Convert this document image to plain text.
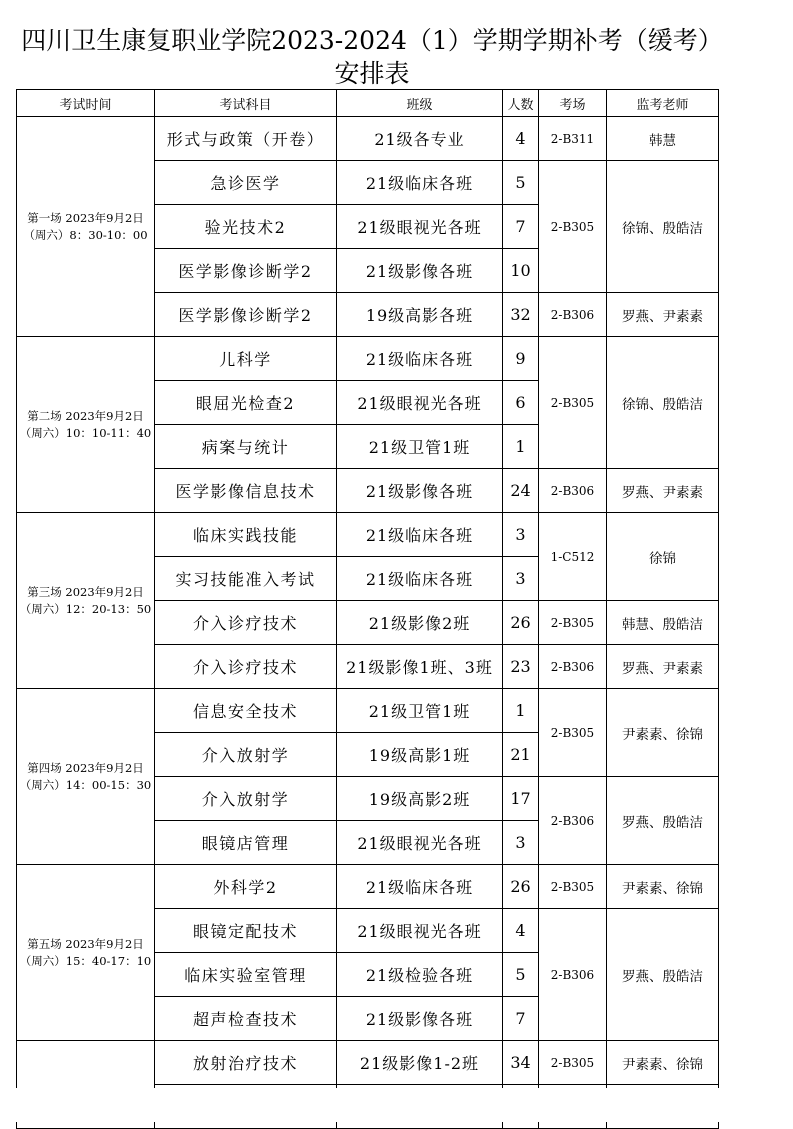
四川卫生康复职业学院2023-2024（1）学期学期补考（缓考）安排表
考试时间	考试科目	班级	人数	考场	监考老师
第一场 2023年9月2日（周六）8：30-10：00	形式与政策（开卷）	21级各专业	4	2-B311	韩慧
	急诊医学	21级临床各班	5	2-B305	徐锦、殷皓洁
	验光技术2	21级眼视光各班	7		
	医学影像诊断学2	21级影像各班	10		
	医学影像诊断学2	19级高影各班	32	2-B306	罗燕、尹素素
第二场 2023年9月2日（周六）10：10-11：40	儿科学	21级临床各班	9	2-B305	徐锦、殷皓洁
	眼屈光检查2	21级眼视光各班	6		
	病案与统计	21级卫管1班	1		
	医学影像信息技术	21级影像各班	24	2-B306	罗燕、尹素素
第三场 2023年9月2日（周六）12：20-13：50	临床实践技能	21级临床各班	3	1-C512	徐锦
	实习技能准入考试	21级临床各班	3		
	介入诊疗技术	21级影像2班	26	2-B305	韩慧、殷皓洁
	介入诊疗技术	21级影像1班、3班	23	2-B306	罗燕、尹素素
第四场 2023年9月2日（周六）14：00-15：30	信息安全技术	21级卫管1班	1	2-B305	尹素素、徐锦
	介入放射学	19级高影1班	21		
	介入放射学	19级高影2班	17	2-B306	罗燕、殷皓洁
	眼镜店管理	21级眼视光各班	3		
第五场 2023年9月2日（周六）15：40-17：10	外科学2	21级临床各班	26	2-B305	尹素素、徐锦
	眼镜定配技术	21级眼视光各班	4	2-B306	罗燕、殷皓洁
	临床实验室管理	21级检验各班	5		
	超声检查技术	21级影像各班	7		
	放射治疗技术	21级影像1-2班	34	2-B305	尹素素、徐锦
